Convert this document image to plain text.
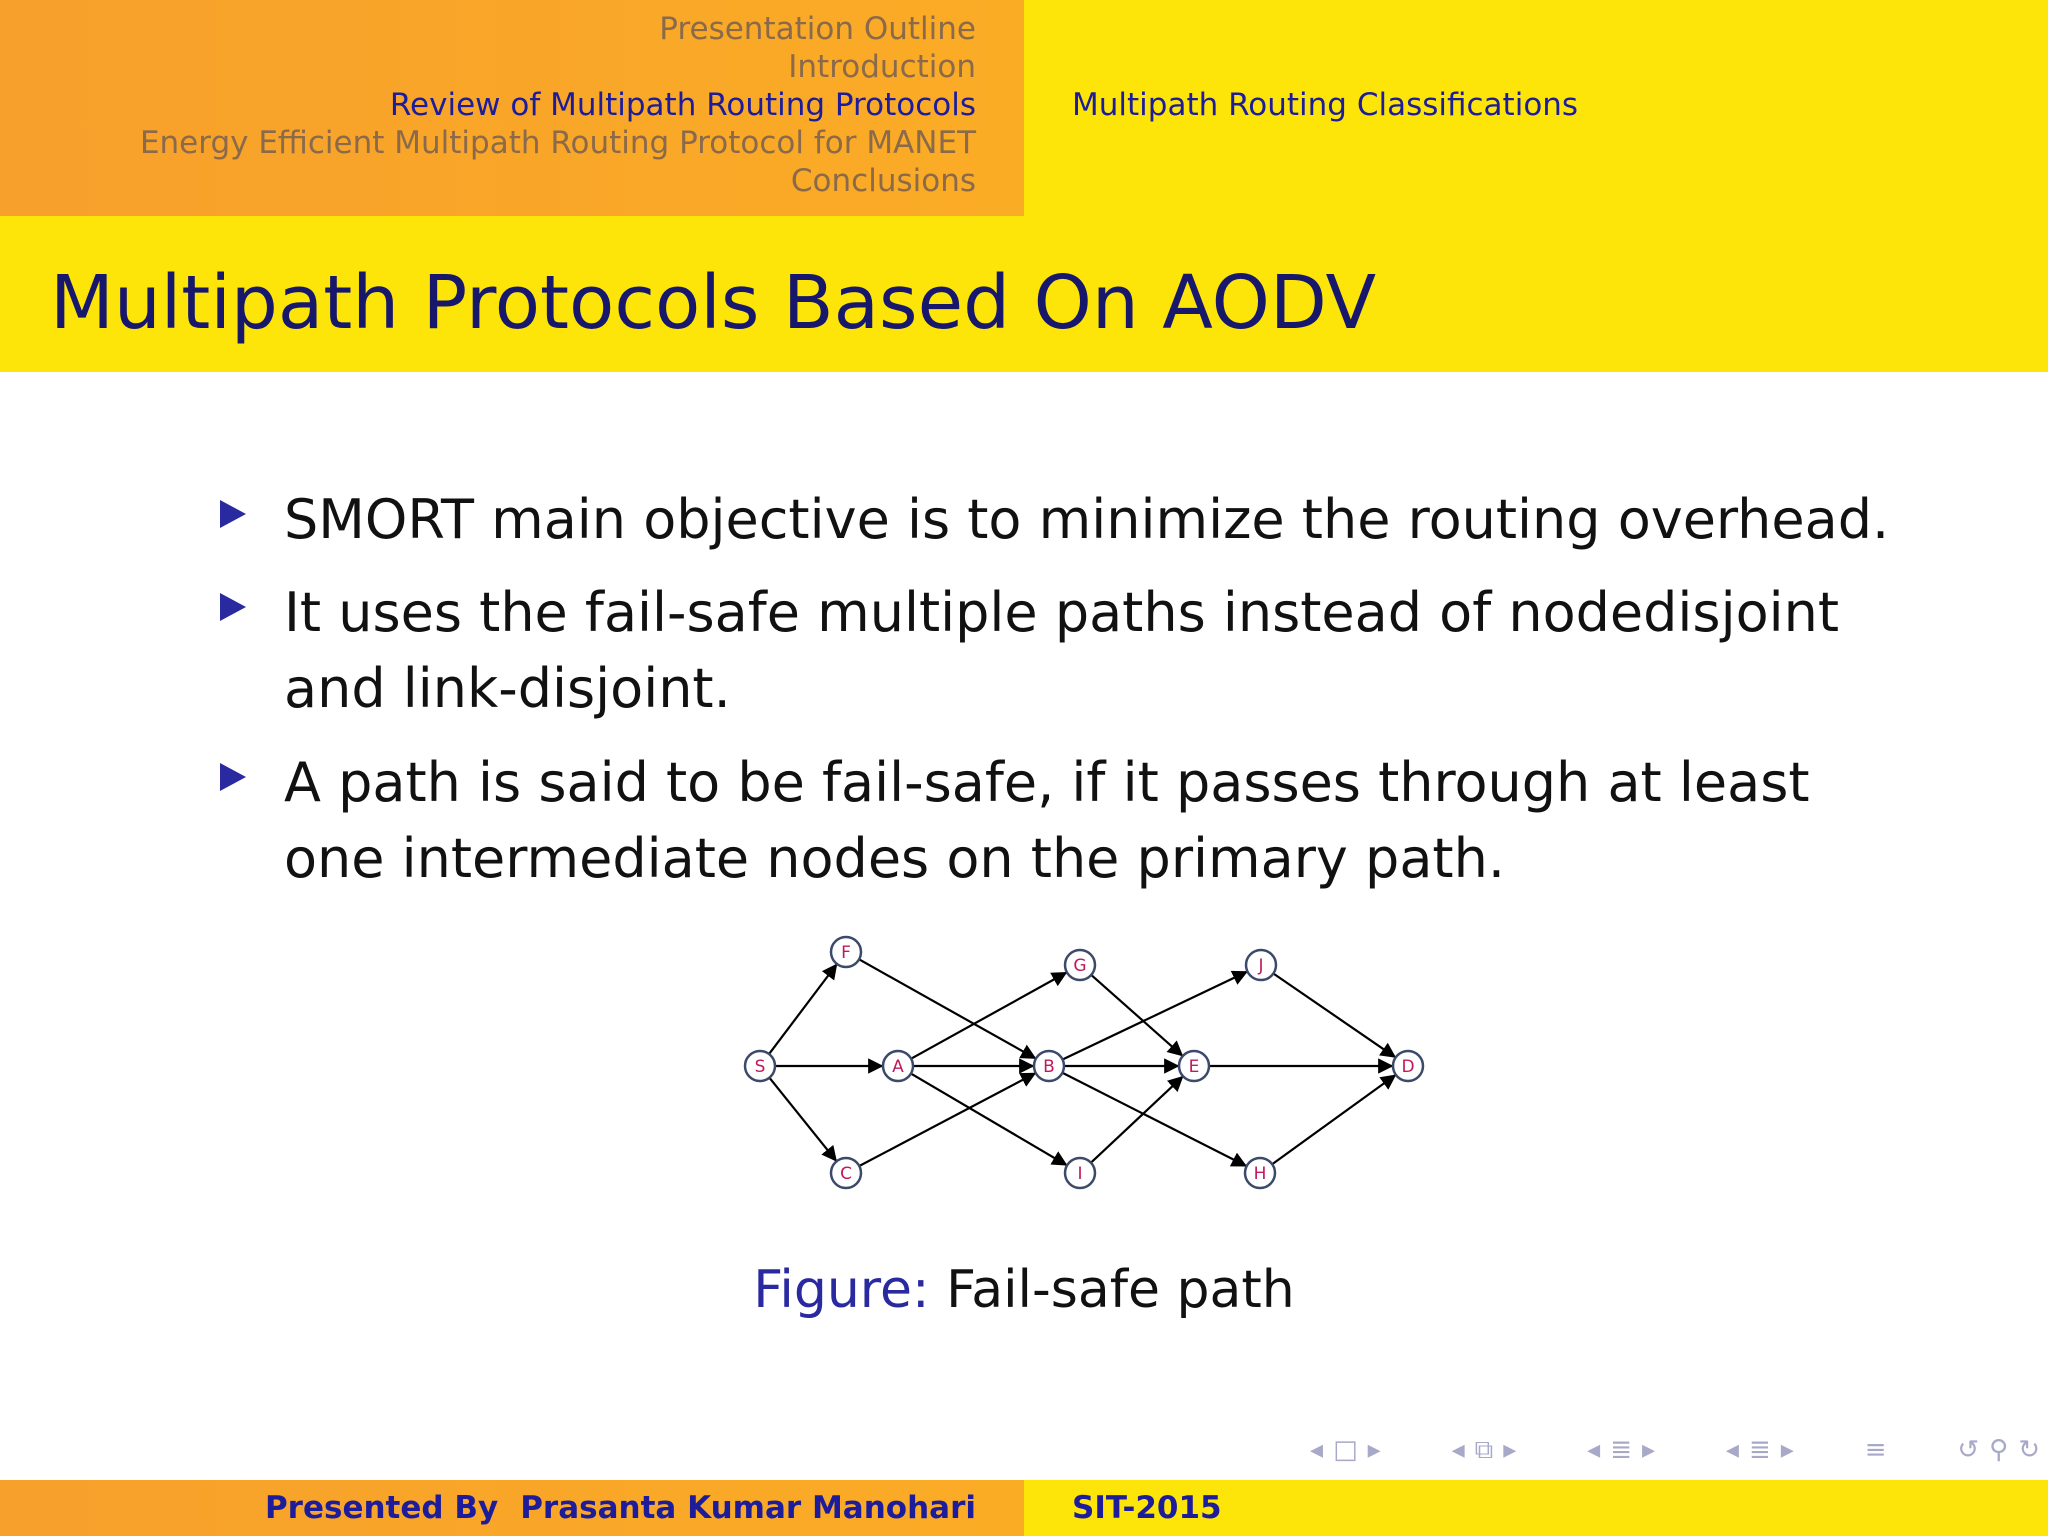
Presentation Outline
Introduction
Review of Multipath Routing Protocols
Energy Efficient Multipath Routing Protocol for MANET
Conclusions
Multipath Routing Classifications
Multipath Protocols Based On AODV
SMORT main objective is to minimize the routing overhead.
It uses the fail-safe multiple paths instead of nodedisjoint and link-disjoint.
A path is said to be fail-safe, if it passes through at least one intermediate nodes on the primary path.
S
F
A
C
G
B
I
E
J
H
D
Figure: Fail-safe path
◂ □ ▸	◂ ⧉ ▸	◂ ≣ ▸	◂ ≣ ▸	≡	↺ ⚲ ↻
Presented By Prasanta Kumar Manohari	SIT-2015
